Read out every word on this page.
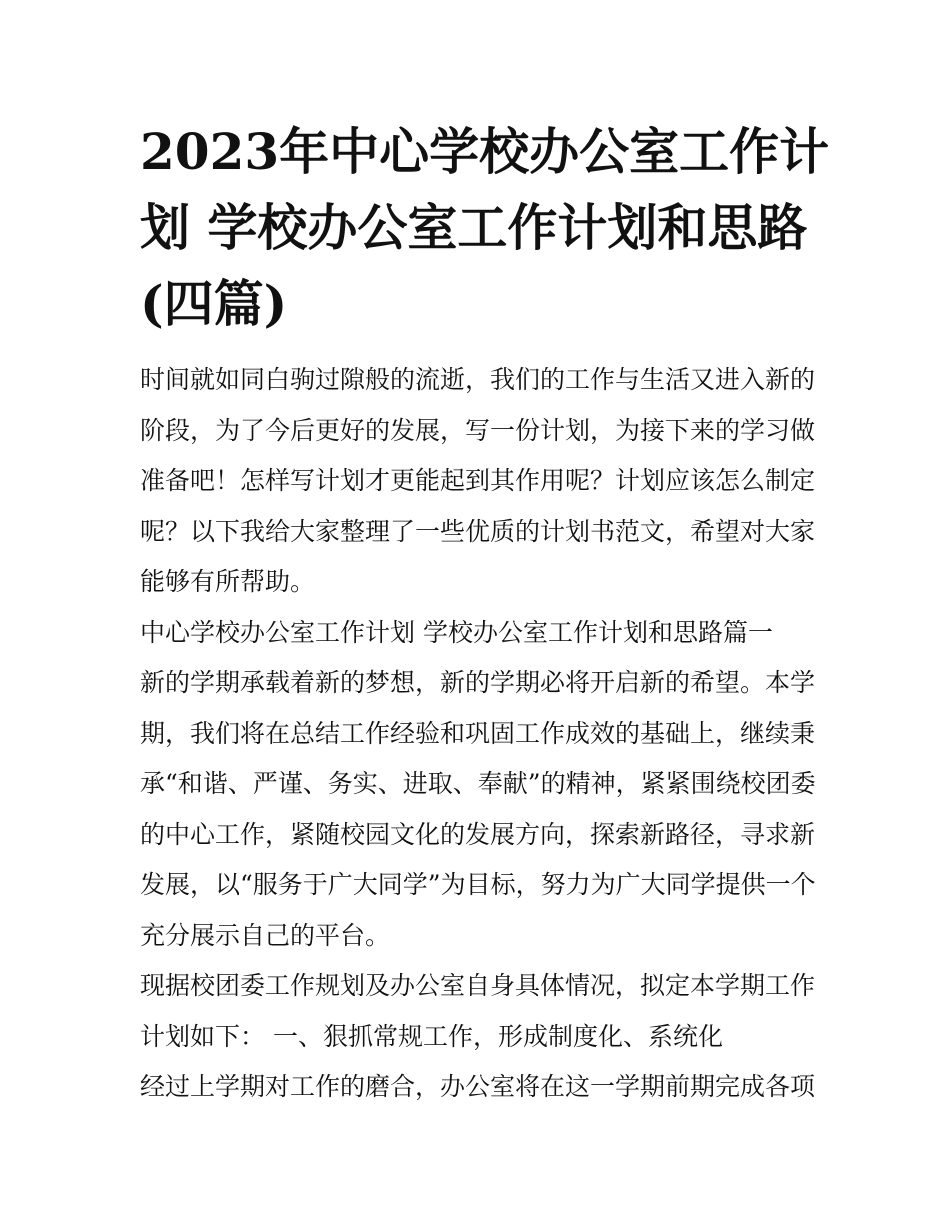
2023年中心学校办公室工作计
划 学校办公室工作计划和思路
(四篇)

时间就如同白驹过隙般的流逝，我们的工作与生活又进入新的
阶段，为了今后更好的发展，写一份计划，为接下来的学习做
准备吧！怎样写计划才更能起到其作用呢？计划应该怎么制定
呢？以下我给大家整理了一些优质的计划书范文，希望对大家
能够有所帮助。

中心学校办公室工作计划 学校办公室工作计划和思路篇一

新的学期承载着新的梦想，新的学期必将开启新的希望。本学
期，我们将在总结工作经验和巩固工作成效的基础上，继续秉
承“和谐、严谨、务实、进取、奉献”的精神，紧紧围绕校团委
的中心工作，紧随校园文化的发展方向，探索新路径，寻求新
发展，以“服务于广大同学”为目标，努力为广大同学提供一个
充分展示自己的平台。

现据校团委工作规划及办公室自身具体情况，拟定本学期工作
计划如下： 一、狠抓常规工作，形成制度化、系统化

经过上学期对工作的磨合，办公室将在这一学期前期完成各项
